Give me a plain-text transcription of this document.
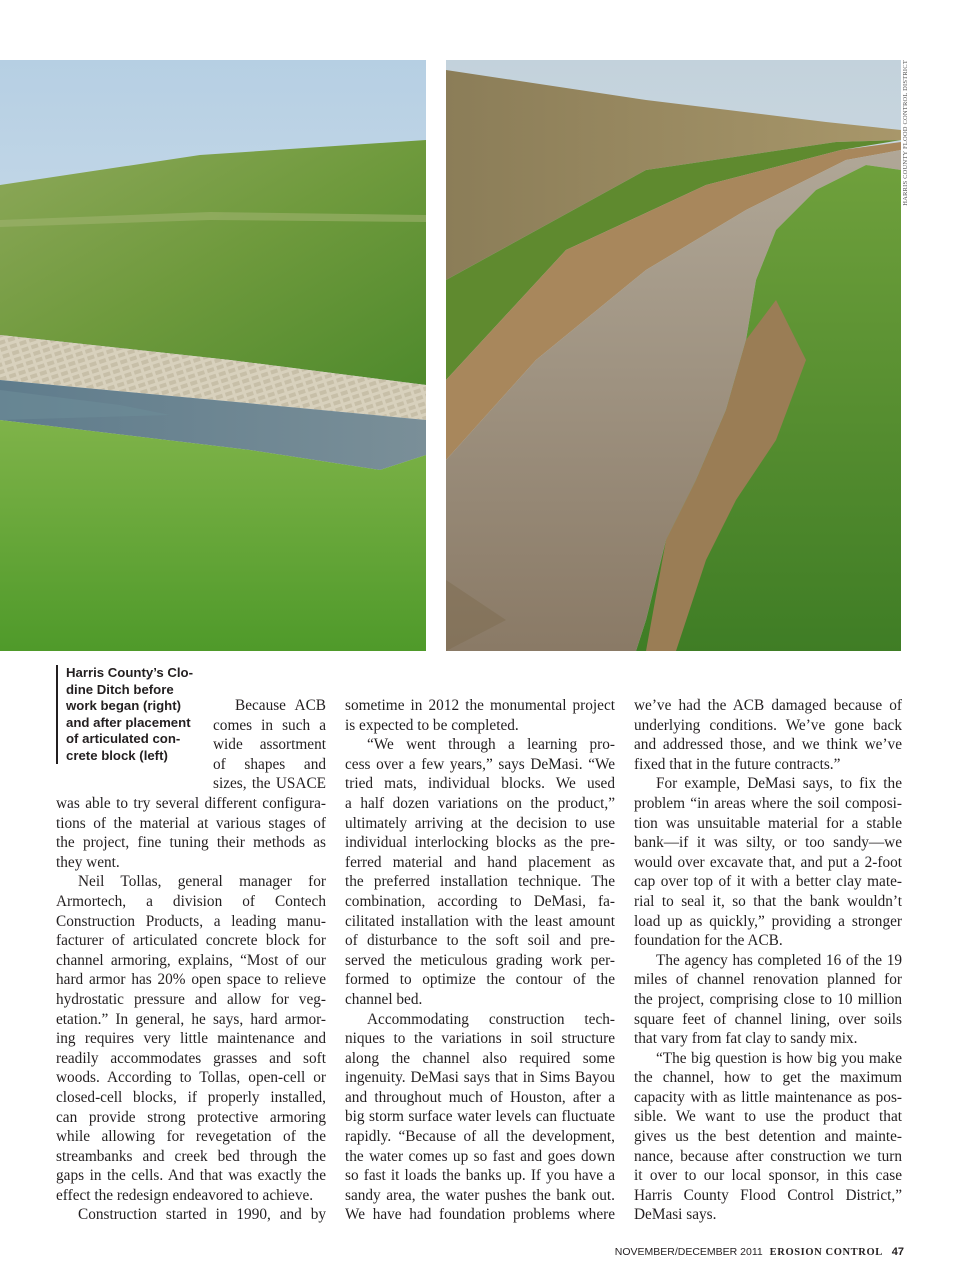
HARRIS COUNTY FLOOD CONTROL DISTRICT
Harris County’s Clo-
dine Ditch before
work began (right)
and after placement
of articulated con-
crete block (left)
Because ACB
comes in such a
wide assortment
of shapes and
sizes, the USACE
was able to try several different configura-
tions of the material at various stages of
the project, fine tuning their methods as
they went.
Neil Tollas, general manager for
Armortech, a division of Contech
Construction Products, a leading manu-
facturer of articulated concrete block for
channel armoring, explains, “Most of our
hard armor has 20% open space to relieve
hydrostatic pressure and allow for veg-
etation.” In general, he says, hard armor-
ing requires very little maintenance and
readily accommodates grasses and soft
woods. According to Tollas, open-cell or
closed-cell blocks, if properly installed,
can provide strong protective armoring
while allowing for revegetation of the
streambanks and creek bed through the
gaps in the cells. And that was exactly the
effect the redesign endeavored to achieve.
Construction started in 1990, and by
sometime in 2012 the monumental project
is expected to be completed.
“We went through a learning pro-
cess over a few years,” says DeMasi. “We
tried mats, individual blocks. We used
a half dozen variations on the product,”
ultimately arriving at the decision to use
individual interlocking blocks as the pre-
ferred material and hand placement as
the preferred installation technique. The
combination, according to DeMasi, fa-
cilitated installation with the least amount
of disturbance to the soft soil and pre-
served the meticulous grading work per-
formed to optimize the contour of the
channel bed.
Accommodating construction tech-
niques to the variations in soil structure
along the channel also required some
ingenuity. DeMasi says that in Sims Bayou
and throughout much of Houston, after a
big storm surface water levels can fluctuate
rapidly. “Because of all the development,
the water comes up so fast and goes down
so fast it loads the banks up. If you have a
sandy area, the water pushes the bank out.
We have had foundation problems where
we’ve had the ACB damaged because of
underlying conditions. We’ve gone back
and addressed those, and we think we’ve
fixed that in the future contracts.”
For example, DeMasi says, to fix the
problem “in areas where the soil composi-
tion was unsuitable material for a stable
bank—if it was silty, or too sandy—we
would over excavate that, and put a 2-foot
cap over top of it with a better clay mate-
rial to seal it, so that the bank wouldn’t
load up as quickly,” providing a stronger
foundation for the ACB.
The agency has completed 16 of the 19
miles of channel renovation planned for
the project, comprising close to 10 million
square feet of channel lining, over soils
that vary from fat clay to sandy mix.
“The big question is how big you make
the channel, how to get the maximum
capacity with as little maintenance as pos-
sible. We want to use the product that
gives us the best detention and mainte-
nance, because after construction we turn
it over to our local sponsor, in this case
Harris County Flood Control District,”
DeMasi says.
NOVEMBER/DECEMBER 2011 EROSION CONTROL 47
